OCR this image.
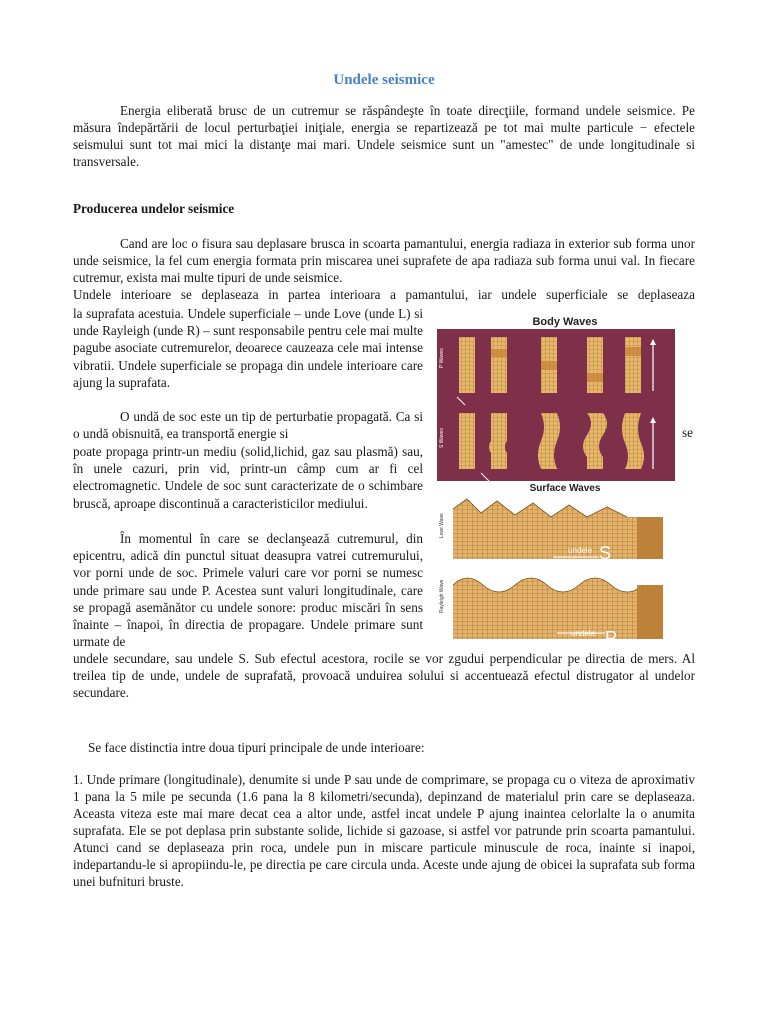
Undele seismice
Energia eliberată brusc de un cutremur se răspândeşte în toate direcţiile, formand undele seismice. Pe măsura îndepărtării de locul perturbaţiei iniţiale, energia se repartizează pe tot mai multe particule − efectele seismului sunt tot mai mici la distanţe mai mari. Undele seismice sunt un "amestec" de unde longitudinale si transversale.
Producerea undelor seismice
Cand are loc o fisura sau deplasare brusca in scoarta pamantului, energia radiaza in exterior sub forma unor unde seismice, la fel cum energia formata prin miscarea unei suprafete de apa radiaza sub forma unui val. In fiecare cutremur, exista mai multe tipuri de unde seismice.
Undele interioare se deplaseaza in partea interioara a pamantului, iar undele superficiale se deplaseaza
la suprafata acestuia. Undele superficiale – unde Love (unde L) si unde Rayleigh (unde R) – sunt responsabile pentru cele mai multe pagube asociate cutremurelor, deoarece cauzeaza cele mai intense vibratii. Undele superficiale se propaga din undele interioare care ajung la suprafata.
O undă de soc este un tip de perturbatie propagată. Ca si o undă obisnuită, ea transportă energie si	se
poate propaga printr-un mediu (solid,lichid, gaz sau plasmă) sau, în unele cazuri, prin vid, printr-un câmp cum ar fi cel electromagnetic. Undele de soc sunt caracterizate de o schimbare bruscă, aproape discontinuă a caracteristicilor mediului.
În momentul în care se declanşează cutremurul, din epicentru, adică din punctul situat deasupra vatrei cutremurului, vor porni unde de soc. Primele valuri care vor porni se numesc unde primare sau unde P. Acestea sunt valuri longitudinale, care se propagă asemănător cu undele sonore: produc miscări în sens înainte – înapoi, în directia de propagare. Undele primare sunt urmate de
undele secundare, sau undele S. Sub efectul acestora, rocile se vor zgudui perpendicular pe directia de mers. Al treilea tip de unde, undele de suprafată, provoacă unduirea solului si accentuează efectul distrugator al undelor secundare.
Se face distinctia intre doua tipuri principale de unde interioare:
1. Unde primare (longitudinale), denumite si unde P sau unde de comprimare, se propaga cu o viteza de aproximativ 1 pana la 5 mile pe secunda (1.6 pana la 8 kilometri/secunda), depinzand de materialul prin care se deplaseaza. Aceasta viteza este mai mare decat cea a altor unde, astfel incat undele P ajung inaintea celorlalte la o anumita suprafata. Ele se pot deplasa prin substante solide, lichide si gazoase, si astfel vor patrunde prin scoarta pamantului. Atunci cand se deplaseaza prin roca, undele pun in miscare particule minuscule de roca, inainte si inapoi, indepartandu-le si apropiindu-le, pe directia pe care circula unda. Aceste unde ajung de obicei la suprafata sub forma unei bufnituri bruste.
Body Waves
P Waves
S Waves
Surface Waves
Love Wave
undele S
Rayleigh Wave
undele P
